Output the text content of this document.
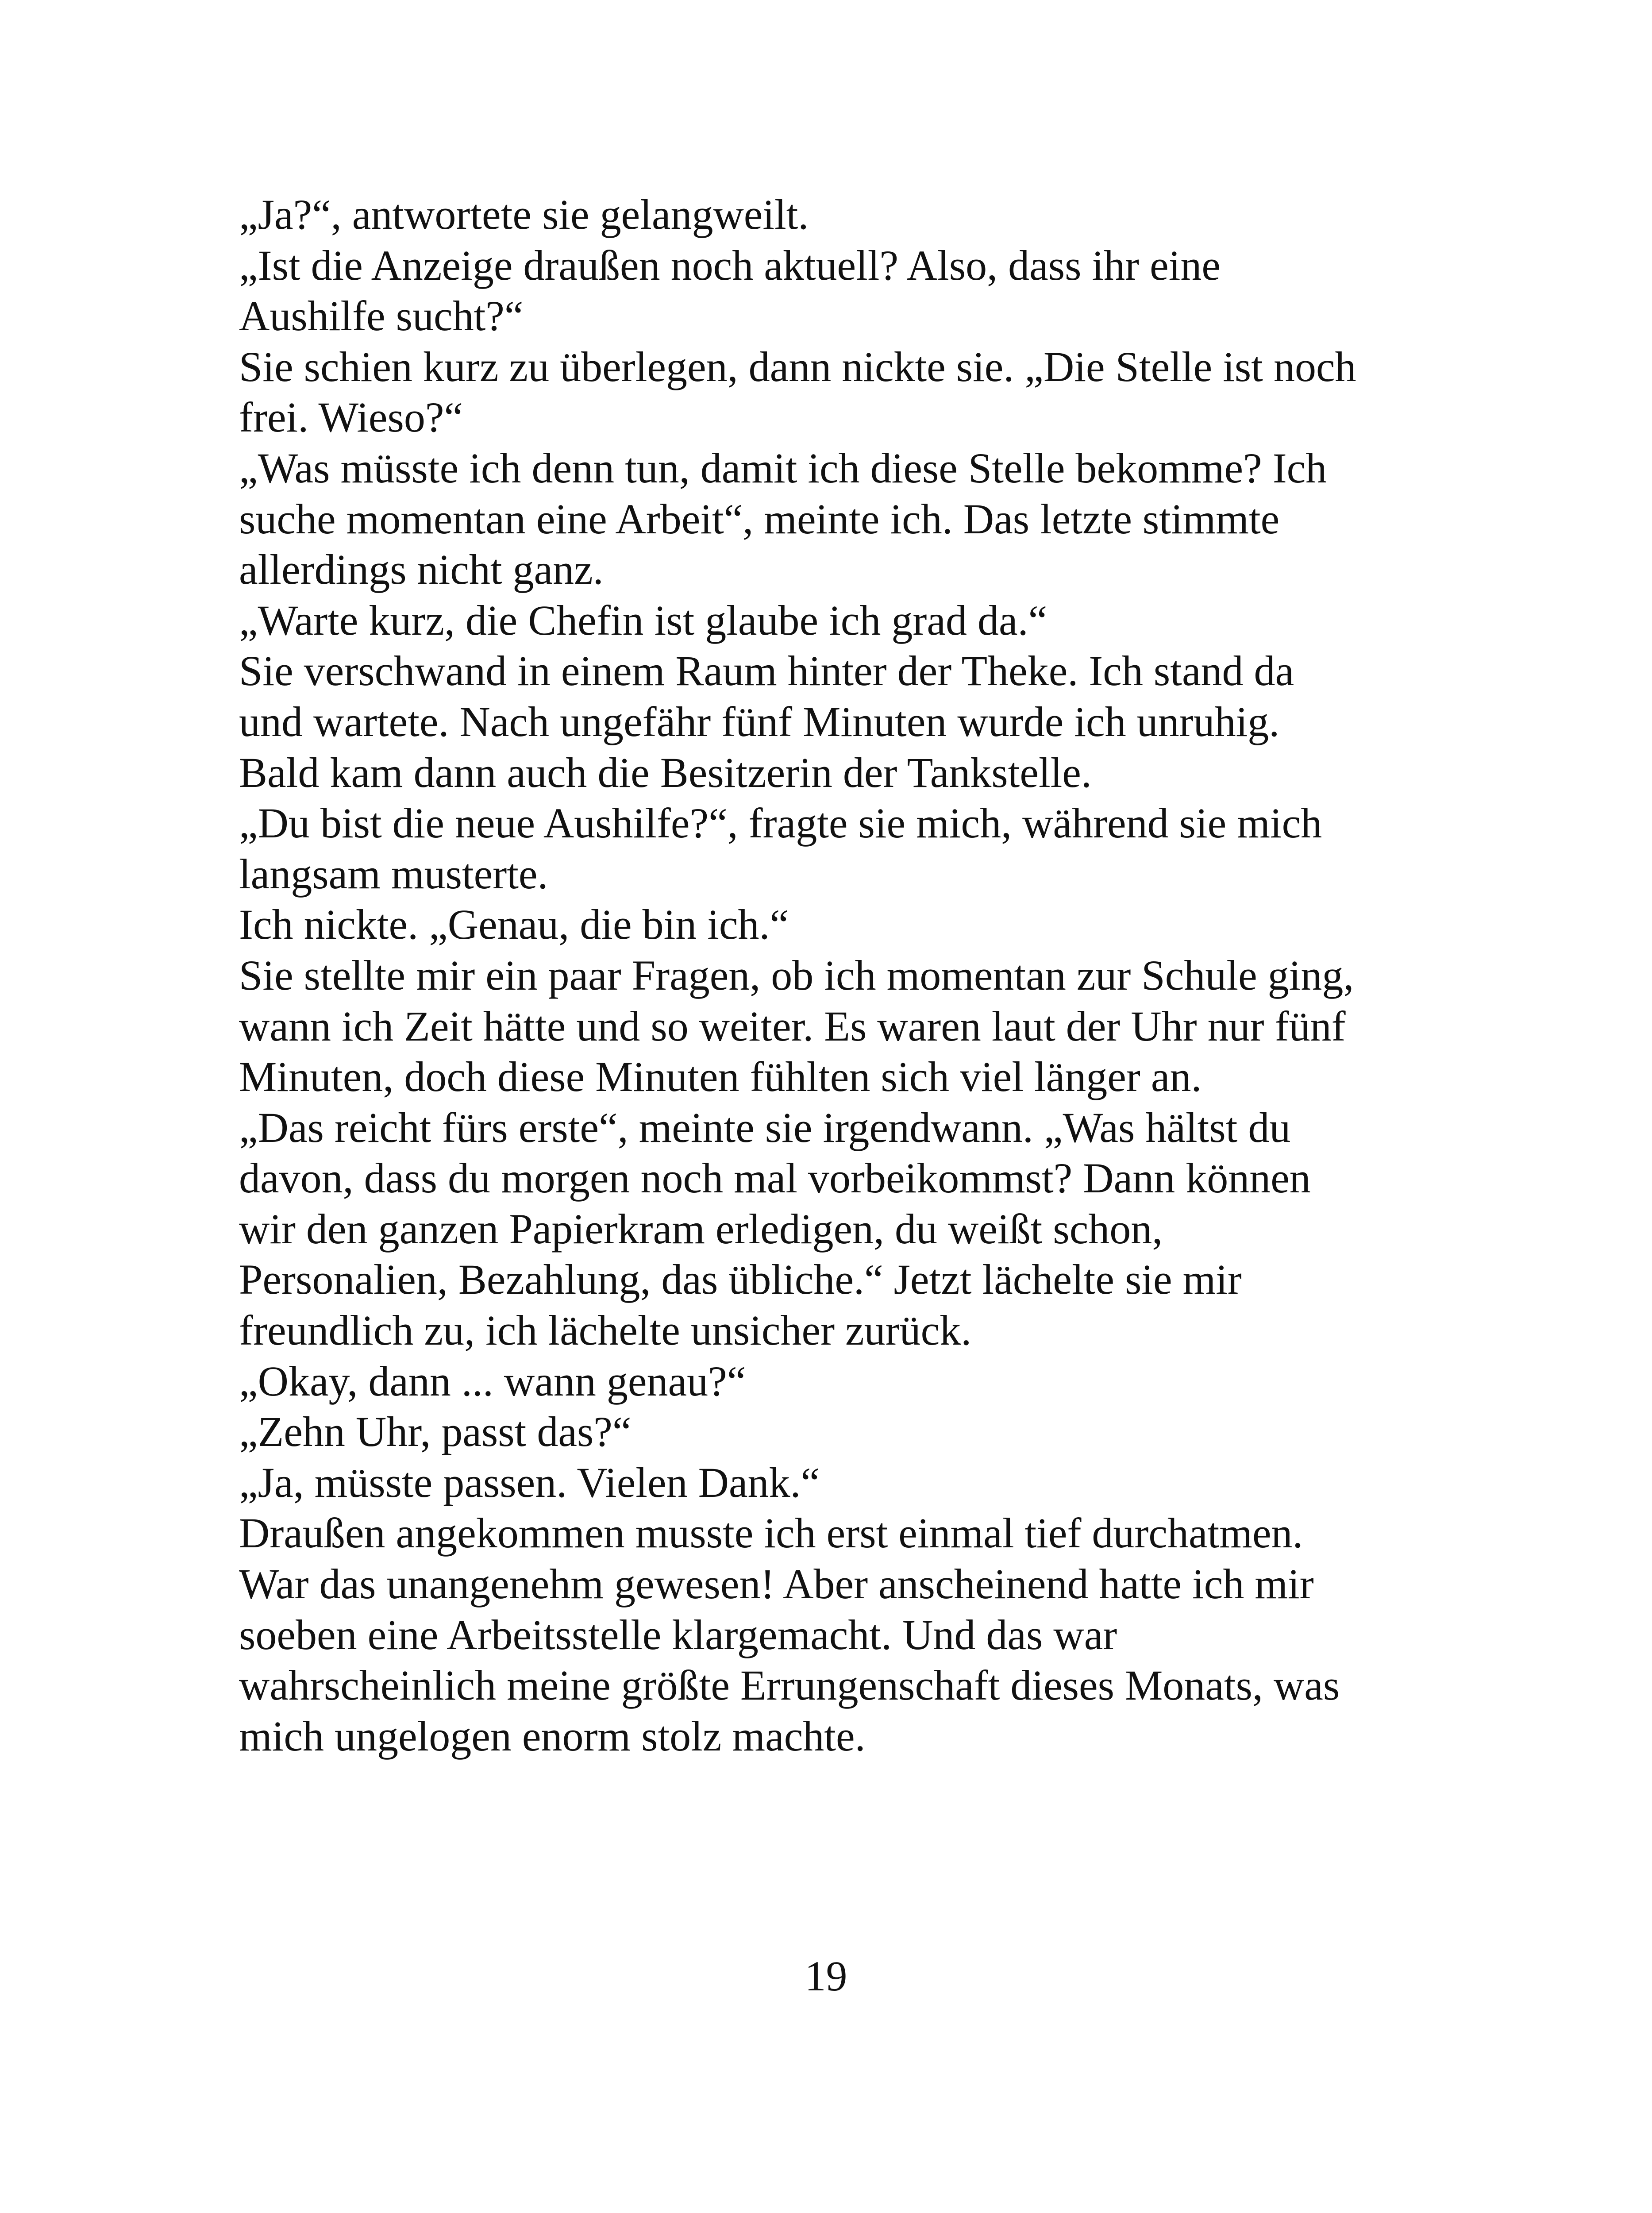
„Ja?“, antwortete sie gelangweilt.
„Ist die Anzeige draußen noch aktuell? Also, dass ihr eine
Aushilfe sucht?“
Sie schien kurz zu überlegen, dann nickte sie. „Die Stelle ist noch
frei. Wieso?“
„Was müsste ich denn tun, damit ich diese Stelle bekomme? Ich
suche momentan eine Arbeit“, meinte ich. Das letzte stimmte
allerdings nicht ganz.
„Warte kurz, die Chefin ist glaube ich grad da.“
Sie verschwand in einem Raum hinter der Theke. Ich stand da
und wartete. Nach ungefähr fünf Minuten wurde ich unruhig.
Bald kam dann auch die Besitzerin der Tankstelle.
„Du bist die neue Aushilfe?“, fragte sie mich, während sie mich
langsam musterte.
Ich nickte. „Genau, die bin ich.“
Sie stellte mir ein paar Fragen, ob ich momentan zur Schule ging,
wann ich Zeit hätte und so weiter. Es waren laut der Uhr nur fünf
Minuten, doch diese Minuten fühlten sich viel länger an.
„Das reicht fürs erste“, meinte sie irgendwann. „Was hältst du
davon, dass du morgen noch mal vorbeikommst? Dann können
wir den ganzen Papierkram erledigen, du weißt schon,
Personalien, Bezahlung, das übliche.“ Jetzt lächelte sie mir
freundlich zu, ich lächelte unsicher zurück.
„Okay, dann ... wann genau?“
„Zehn Uhr, passt das?“
„Ja, müsste passen. Vielen Dank.“
Draußen angekommen musste ich erst einmal tief durchatmen.
War das unangenehm gewesen! Aber anscheinend hatte ich mir
soeben eine Arbeitsstelle klargemacht. Und das war
wahrscheinlich meine größte Errungenschaft dieses Monats, was
mich ungelogen enorm stolz machte.
19
